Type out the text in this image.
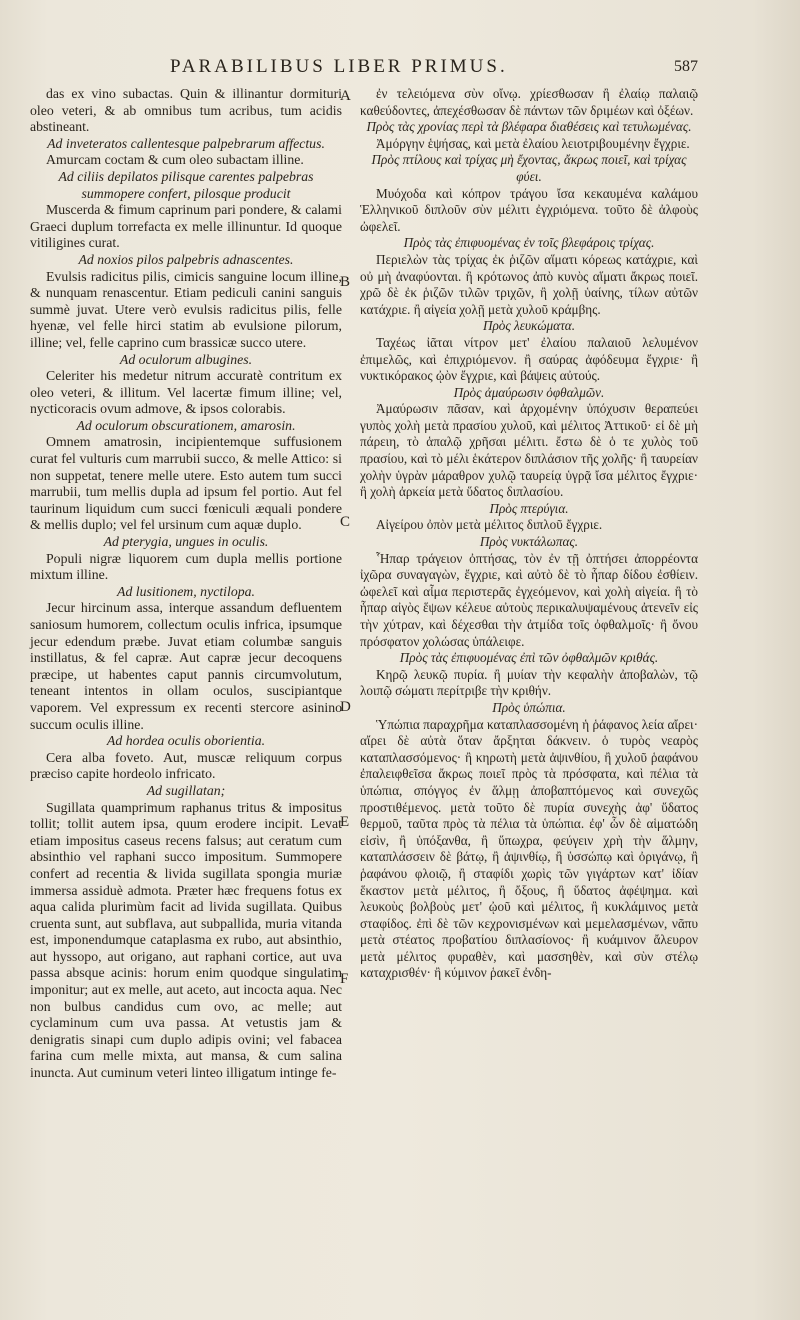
PARABILIBUS LIBER PRIMUS.	587

das ex vino subactas. Quin & illinantur dormituri oleo veteri, & ab omnibus tum acribus, tum acidis abstineant.

Ad inveteratos callentesque palpebrarum affectus.

Amurcam coctam & cum oleo subactam illine.

Ad ciliis depilatos pilisque carentes palpebras summopere confert, pilosque producit

Muscerda & fimum caprinum pari pondere, & calami Graeci duplum torrefacta ex melle illinuntur. Id quoque vitiligines curat.

Ad noxios pilos palpebris adnascentes.

Evulsis radicitus pilis, cimicis sanguine locum illine, & nunquam renascentur. Etiam pediculi canini sanguis summè juvat. Utere verò evulsis radicitus pilis, felle hyenæ, vel felle hirci statim ab evulsione pilorum, illine; vel, felle caprino cum brassicæ succo utere.

Ad oculorum albugines.

Celeriter his medetur nitrum accuratè contritum ex oleo veteri, & illitum. Vel lacertæ fimum illine; vel, nycticoracis ovum admove, & ipsos colorabis.

Ad oculorum obscurationem, amarosin.

Omnem amatrosin, incipientemque suffusionem curat fel vulturis cum marrubii succo, & melle Attico: si non suppetat, tenere melle utere. Esto autem tum succi marrubii, tum mellis dupla ad ipsum fel portio. Aut fel taurinum liquidum cum succi fœniculi æquali pondere & mellis duplo; vel fel ursinum cum aquæ duplo.

Ad pterygia, ungues in oculis.

Populi nigræ liquorem cum dupla mellis portione mixtum illine.

Ad lusitionem, nyctilopa.

Jecur hircinum assa, interque assandum defluentem saniosum humorem, collectum oculis infrica, ipsumque jecur edendum præbe. Juvat etiam columbæ sanguis instillatus, & fel capræ. Aut capræ jecur decoquens præcipe, ut habentes caput pannis circumvolutum, teneant intentos in ollam oculos, suscipiantque vaporem. Vel expressum ex recenti stercore asinino succum oculis illine.

Ad hordea oculis oborientia.

Cera alba foveto. Aut, muscæ reliquum corpus præciso capite hordeolo infricato.

Ad sugillatan;

Sugillata quamprimum raphanus tritus & impositus tollit; tollit autem ipsa, quum erodere incipit. Levat etiam impositus caseus recens falsus; aut ceratum cum absinthio vel raphani succo impositum. Summopere confert ad recentia & livida sugillata spongia muriæ immersa assiduè admota. Præter hæc frequens fotus ex aqua calida plurimùm facit ad livida sugillata. Quibus cruenta sunt, aut subflava, aut subpallida, muria vitanda est, imponendumque cataplasma ex rubo, aut absinthio, aut hyssopo, aut origano, aut raphani cortice, aut uva passa absque acinis: horum enim quodque singulatim imponitur; aut ex melle, aut aceto, aut incocta aqua. Nec non bulbus candidus cum ovo, ac melle; aut cyclaminum cum uva passa. At vetustis jam & denigratis sinapi cum duplo adipis ovini; vel fabacea farina cum melle mixta, aut mansa, & cum salina inuncta. Aut cuminum veteri linteo illigatum intinge fe-

A
B
C
D
E
F

ἐν τελειόμενα σὺν οἴνῳ. χρίεσθωσαν ἢ ἐλαίῳ παλαιῷ καθεύδοντες, ἀπεχέσθωσαν δὲ πάντων τῶν δριμέων καὶ ὀξέων.

Πρὸς τὰς χρονίας περὶ τὰ βλέφαρα διαθέσεις καὶ τετυλωμένας.

Ἀμόργην ἑψήσας, καὶ μετὰ ἐλαίου λειοτριβουμένην ἔγχριε.

Πρὸς πτίλους καὶ τρίχας μὴ ἔχοντας, ἄκρως ποιεῖ, καὶ τρίχας φύει.

Μυόχοδα καὶ κόπρον τράγου ἴσα κεκαυμένα καλάμου Ἑλληνικοῦ διπλοῦν σὺν μέλιτι ἐγχριόμενα. τοῦτο δὲ ἀλφοὺς ὠφελεῖ.

Πρὸς τὰς ἐπιφυομένας ἐν τοῖς βλεφάροις τρίχας.

Περιελὼν τὰς τρίχας ἐκ ῥιζῶν αἵματι κόρεως κατάχριε, καὶ οὐ μὴ ἀναφύονται. ἢ κρότωνος ἀπὸ κυνὸς αἵματι ἄκρως ποιεῖ. χρῶ δὲ ἐκ ῥιζῶν τιλῶν τριχῶν, ἢ χολῇ ὑαίνης, τίλων αὐτῶν κατάχριε. ἢ αἰγεία χολῇ μετὰ χυλοῦ κράμβης.

Πρὸς λευκώματα.

Ταχέως ἰᾶται νίτρον μετ' ἐλαίου παλαιοῦ λελυμένον ἐπιμελῶς, καὶ ἐπιχριόμενον. ἢ σαύρας ἀφόδευμα ἔγχριε· ἢ νυκτικόρακος ᾠὸν ἔγχριε, καὶ βάψεις αὐτούς.

Πρὸς ἀμαύρωσιν ὀφθαλμῶν.

Ἀμαύρωσιν πᾶσαν, καὶ ἀρχομένην ὑπόχυσιν θεραπεύει γυπὸς χολὴ μετὰ πρασίου χυλοῦ, καὶ μέλιτος Ἀττικοῦ· εἰ δὲ μὴ πάρειη, τὸ ἁπαλῷ χρῆσαι μέλιτι. ἔστω δὲ ὁ τε χυλὸς τοῦ πρασίου, καὶ τὸ μέλι ἑκάτερον διπλάσιον τῆς χολῆς· ἢ ταυρείαν χολὴν ὑγρὰν μάραθρον χυλῷ ταυρείᾳ ὑγρᾷ ἴσα μέλιτος ἔγχριε· ἢ χολὴ ἀρκεία μετὰ ὕδατος διπλασίου.

Πρὸς πτερύγια.

Αἰγείρου ὀπὸν μετὰ μέλιτος διπλοῦ ἔγχριε.

Πρὸς νυκτάλωπας.

Ἧπαρ τράγειον ὀπτήσας, τὸν ἐν τῇ ὀπτήσει ἀπορρέοντα ἰχῶρα συναγαγὼν, ἔγχριε, καὶ αὐτὸ δὲ τὸ ἧπαρ δίδου ἐσθίειν. ὠφελεῖ καὶ αἷμα περιστερᾶς ἐγχεόμενον, καὶ χολὴ αἰγεία. ἢ τὸ ἧπαρ αἰγὸς ἕψων κέλευε αὐτοὺς περικαλυψαμένους ἀτενεῖν εἰς τὴν χύτραν, καὶ δέχεσθαι τὴν ἀτμίδα τοῖς ὀφθαλμοῖς· ἢ ὄνου πρόσφατον χολώσας ὑπάλειφε.

Πρὸς τὰς ἐπιφυομένας ἐπὶ τῶν ὀφθαλμῶν κριθάς.

Κηρῷ λευκῷ πυρία. ἢ μυίαν τὴν κεφαλὴν ἀποβαλὼν, τῷ λοιπῷ σώματι περίτριβε τὴν κριθήν.

Πρὸς ὑπώπια.

Ὑπώπια παραχρῆμα καταπλασσομένη ἡ ῥάφανος λεία αἴρει· αἴρει δὲ αὐτὰ ὅταν ἄρξηται δάκνειν. ὁ τυρὸς νεαρὸς καταπλασσόμενος· ἢ κηρωτὴ μετὰ ἀψινθίου, ἢ χυλοῦ ῥαφάνου ἐπαλειφθεῖσα ἄκρως ποιεῖ πρὸς τὰ πρόσφατα, καὶ πέλια τὰ ὑπώπια, σπόγγος ἐν ἅλμῃ ἀποβαπτόμενος καὶ συνεχῶς προστιθέμενος. μετὰ τοῦτο δὲ πυρία συνεχὴς ἀφ' ὕδατος θερμοῦ, ταῦτα πρὸς τὰ πέλια τὰ ὑπώπια. ἐφ' ὧν δὲ αἱματώδη εἰσὶν, ἢ ὑπόξανθα, ἢ ὕπωχρα, φεύγειν χρὴ τὴν ἅλμην, καταπλάσσειν δὲ βάτῳ, ἢ ἀψινθίῳ, ἢ ὑσσώπῳ καὶ ὀριγάνῳ, ἢ ῥαφάνου φλοιῷ, ἢ σταφίδι χωρὶς τῶν γιγάρτων κατ' ἰδίαν ἕκαστον μετὰ μέλιτος, ἢ ὄξους, ἢ ὕδατος ἀφέψημα. καὶ λευκοὺς βολβοὺς μετ' ᾠοῦ καὶ μέλιτος, ἢ κυκλάμινος μετὰ σταφίδος. ἐπὶ δὲ τῶν κεχρονισμένων καὶ μεμελασμένων, νᾶπυ μετὰ στέατος προβατίου διπλασίονος· ἢ κυάμινον ἄλευρον μετὰ μέλιτος φυραθὲν, καὶ μασσηθὲν, καὶ σὺν στέλῳ καταχρισθέν· ἢ κύμινον ῥακεῖ ἐνδη-
